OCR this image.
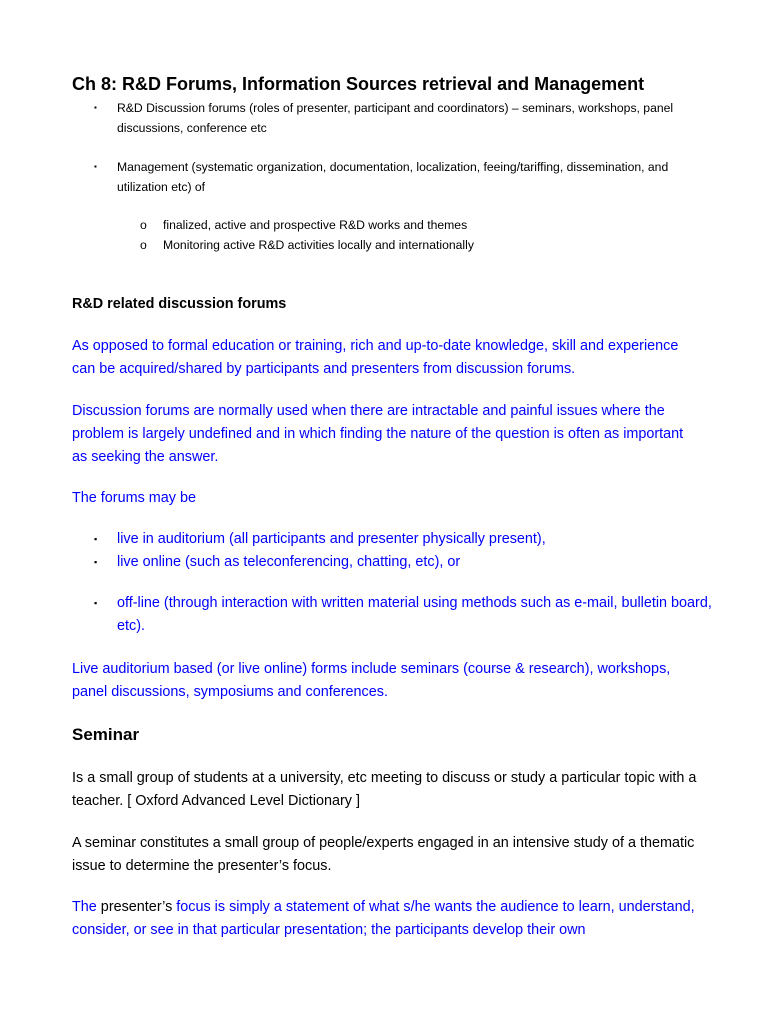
Ch 8: R&D Forums, Information Sources retrieval and Management
▪ R&D Discussion forums (roles of presenter, participant and coordinators) – seminars, workshops, panel discussions, conference etc
▪ Management (systematic organization, documentation, localization, feeing/tariffing, dissemination, and utilization etc) of
o finalized, active and prospective R&D works and themes
o Monitoring active R&D activities locally and internationally
R&D related discussion forums
As opposed to formal education or training, rich and up-to-date knowledge, skill and experience can be acquired/shared by participants and presenters from discussion forums.
Discussion forums are normally used when there are intractable and painful issues where the problem is largely undefined and in which finding the nature of the question is often as important as seeking the answer.
The forums may be
▪ live in auditorium (all participants and presenter physically present),
▪ live online (such as teleconferencing, chatting, etc), or
▪ off-line (through interaction with written material using methods such as e-mail, bulletin board, etc).
Live auditorium based (or live online) forms include seminars (course & research), workshops, panel discussions, symposiums and conferences.
Seminar
Is a small group of students at a university, etc meeting to discuss or study a particular topic with a teacher. [ Oxford Advanced Level Dictionary ]
A seminar constitutes a small group of people/experts engaged in an intensive study of a thematic issue to determine the presenter’s focus.
The presenter’s focus is simply a statement of what s/he wants the audience to learn, understand, consider, or see in that particular presentation; the participants develop their own
